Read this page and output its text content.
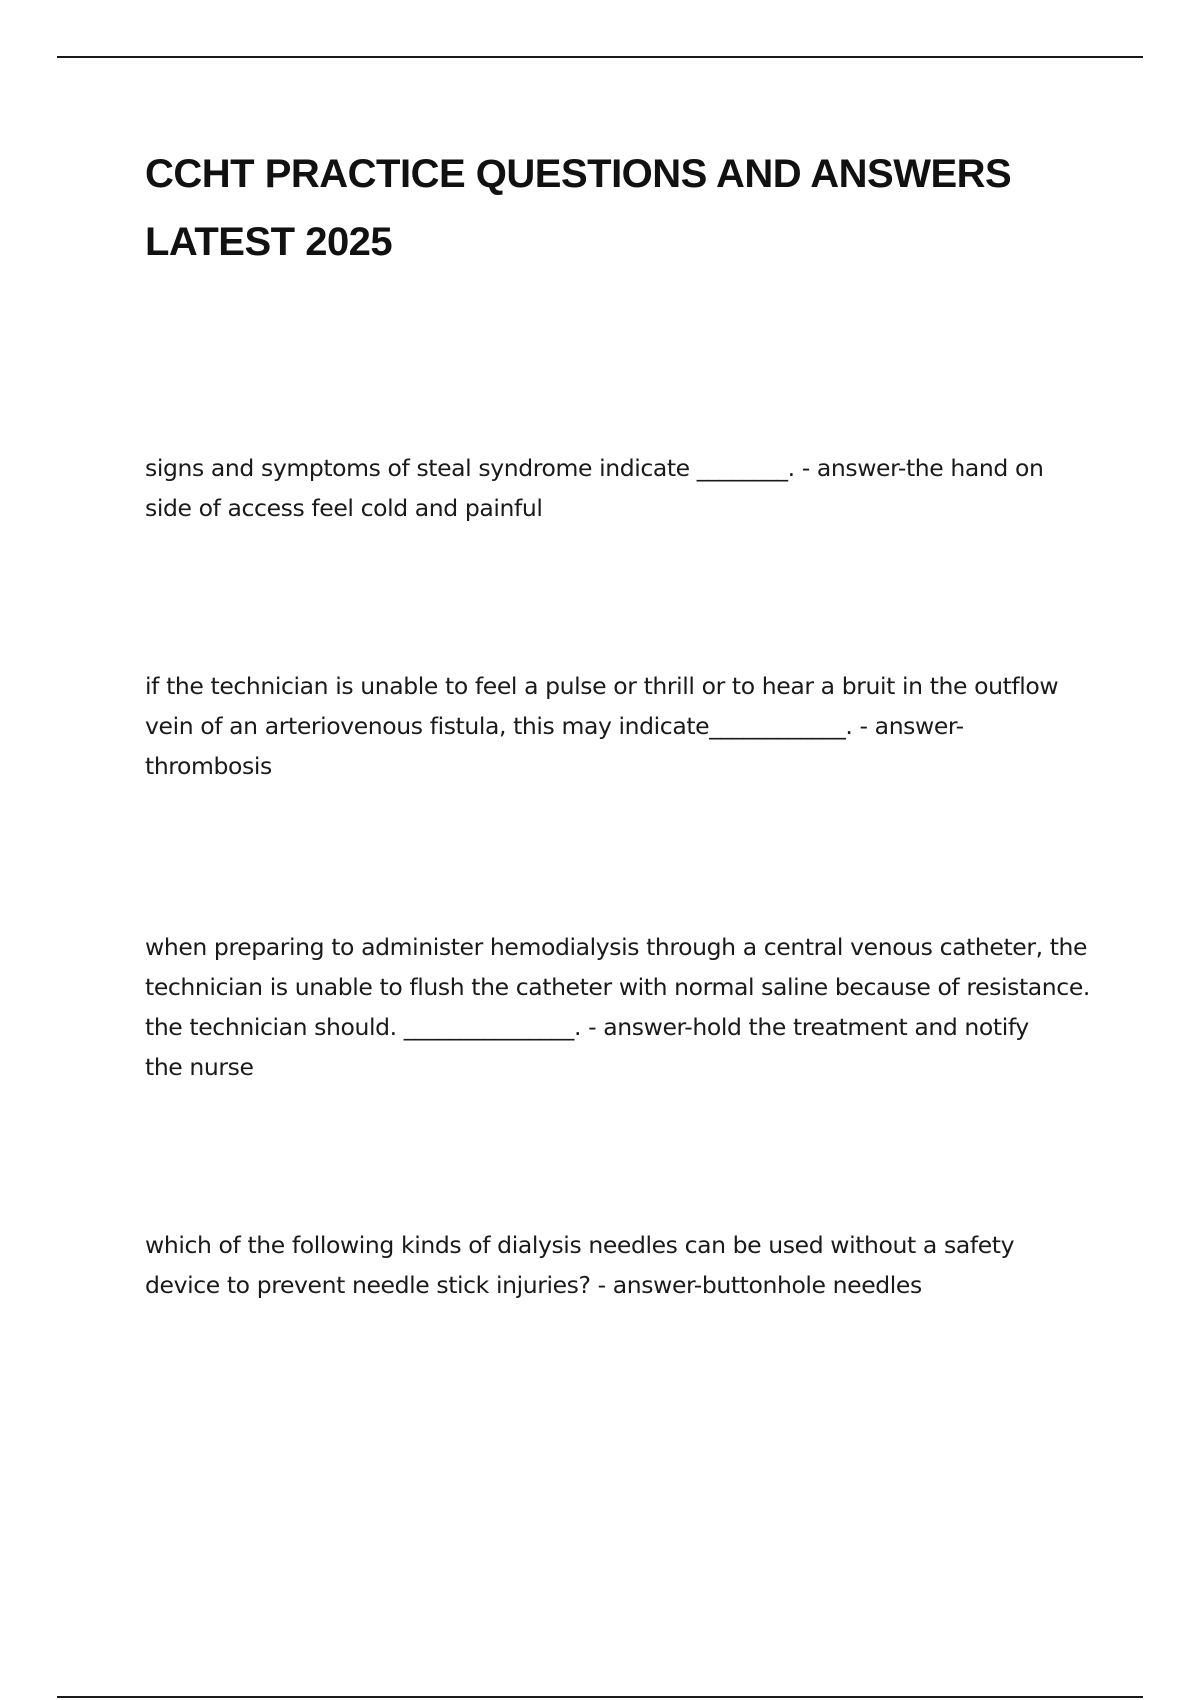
CCHT PRACTICE QUESTIONS AND ANSWERS
LATEST 2025

signs and symptoms of steal syndrome indicate ________. - answer-the hand on
side of access feel cold and painful

if the technician is unable to feel a pulse or thrill or to hear a bruit in the outflow
vein of an arteriovenous fistula, this may indicate____________. - answer-
thrombosis

when preparing to administer hemodialysis through a central venous catheter, the
technician is unable to flush the catheter with normal saline because of resistance.
the technician should. _______________. - answer-hold the treatment and notify
the nurse

which of the following kinds of dialysis needles can be used without a safety
device to prevent needle stick injuries? - answer-buttonhole needles
